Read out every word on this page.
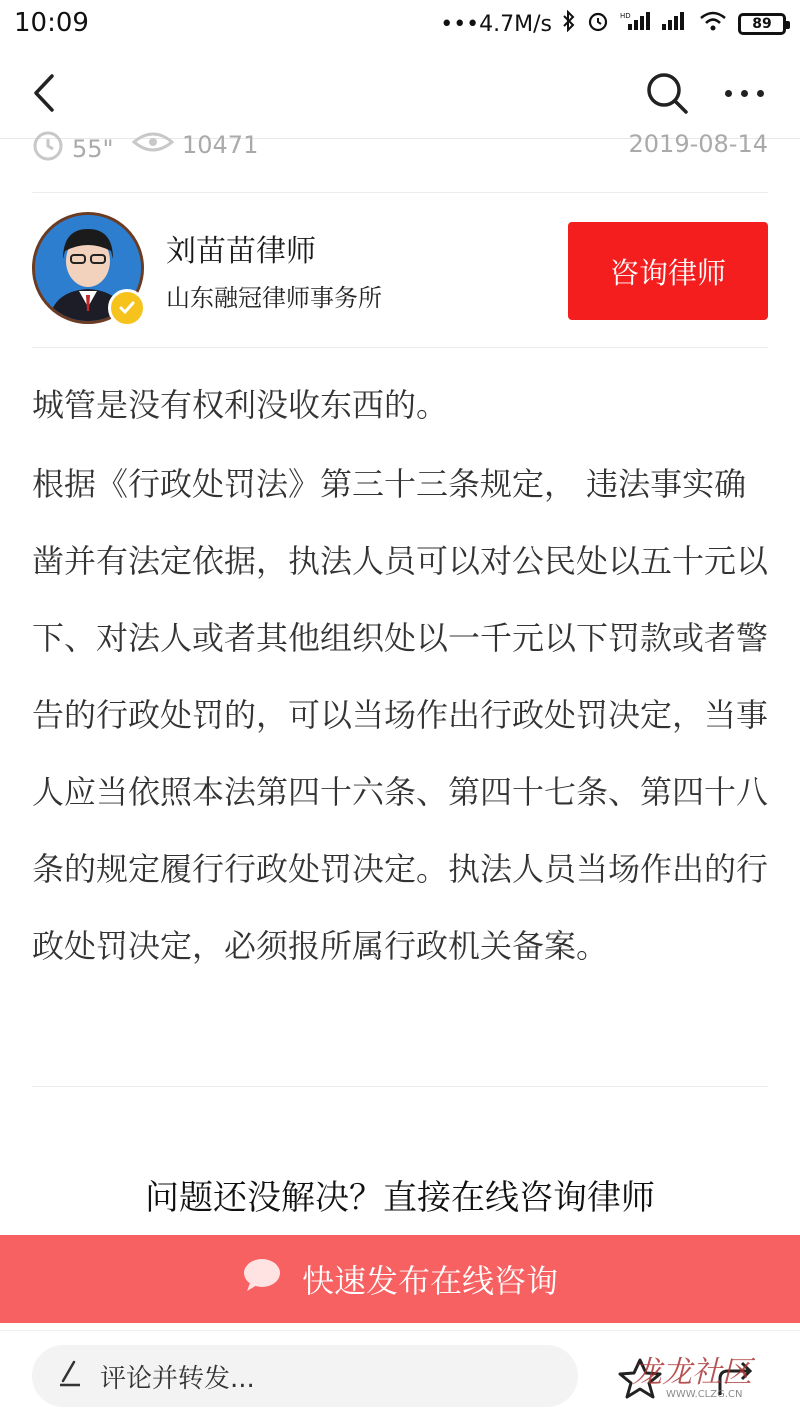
10:09	•••4.7M/s	HD	89
55"	10471	2019-08-14
刘苗苗律师
山东融冠律师事务所
咨询律师

城管是没有权利没收东西的。

根据《行政处罚法》第三十三条规定， 违法事实确凿并有法定依据，执法人员可以对公民处以五十元以下、对法人或者其他组织处以一千元以下罚款或者警告的行政处罚的，可以当场作出行政处罚决定，当事人应当依照本法第四十六条、第四十七条、第四十八条的规定履行行政处罚决定。执法人员当场作出的行政处罚决定，必须报所属行政机关备案。

问题还没解决？直接在线咨询律师
快速发布在线咨询
评论并转发...	龙龙社区
WWW.CLZG.CN
